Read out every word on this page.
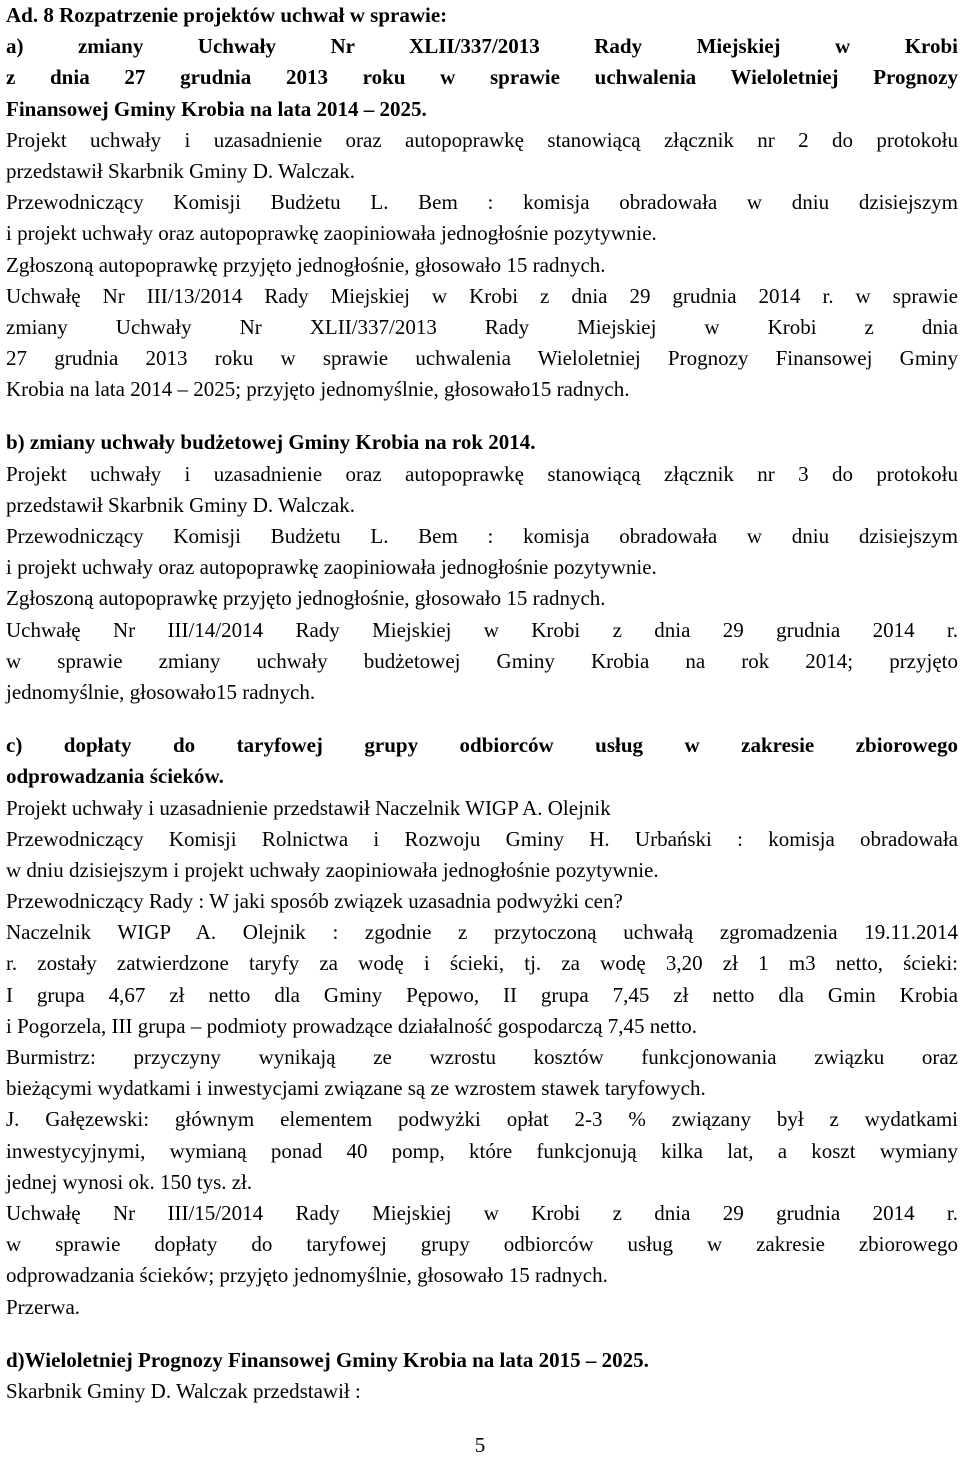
Ad. 8 Rozpatrzenie projektów uchwał w sprawie:
a) zmiany Uchwały Nr XLII/337/2013 Rady Miejskiej w Krobi
z dnia 27 grudnia 2013 roku w sprawie uchwalenia Wieloletniej Prognozy
Finansowej Gminy Krobia na lata 2014 – 2025.
Projekt uchwały i uzasadnienie oraz autopoprawkę stanowiącą złącznik nr 2 do protokołu
przedstawił Skarbnik Gminy D. Walczak.
Przewodniczący Komisji Budżetu L. Bem : komisja obradowała w dniu dzisiejszym
i projekt uchwały oraz autopoprawkę zaopiniowała jednogłośnie pozytywnie.
Zgłoszoną autopoprawkę przyjęto jednogłośnie, głosowało 15 radnych.
Uchwałę Nr III/13/2014 Rady Miejskiej w Krobi z dnia 29 grudnia 2014 r. w sprawie
zmiany Uchwały Nr XLII/337/2013 Rady Miejskiej w Krobi z dnia
27 grudnia 2013 roku w sprawie uchwalenia Wieloletniej Prognozy Finansowej Gminy
Krobia na lata 2014 – 2025; przyjęto jednomyślnie, głosowało15 radnych.
b) zmiany uchwały budżetowej Gminy Krobia na rok 2014.
Projekt uchwały i uzasadnienie oraz autopoprawkę stanowiącą złącznik nr 3 do protokołu
przedstawił Skarbnik Gminy D. Walczak.
Przewodniczący Komisji Budżetu L. Bem : komisja obradowała w dniu dzisiejszym
i projekt uchwały oraz autopoprawkę zaopiniowała jednogłośnie pozytywnie.
Zgłoszoną autopoprawkę przyjęto jednogłośnie, głosowało 15 radnych.
Uchwałę Nr III/14/2014 Rady Miejskiej w Krobi z dnia 29 grudnia 2014 r.
w sprawie zmiany uchwały budżetowej Gminy Krobia na rok 2014; przyjęto
jednomyślnie, głosowało15 radnych.
c) dopłaty do taryfowej grupy odbiorców usług w zakresie zbiorowego
odprowadzania ścieków.
Projekt uchwały i uzasadnienie przedstawił Naczelnik WIGP A. Olejnik
Przewodniczący Komisji Rolnictwa i Rozwoju Gminy H. Urbański : komisja obradowała
w dniu dzisiejszym i projekt uchwały zaopiniowała jednogłośnie pozytywnie.
Przewodniczący Rady : W jaki sposób związek uzasadnia podwyżki cen?
Naczelnik WIGP A. Olejnik : zgodnie z przytoczoną uchwałą zgromadzenia 19.11.2014
r. zostały zatwierdzone taryfy za wodę i ścieki, tj. za wodę 3,20 zł 1 m3 netto, ścieki:
I grupa 4,67 zł netto dla Gminy Pępowo, II grupa 7,45 zł netto dla Gmin Krobia
i Pogorzela, III grupa – podmioty prowadzące działalność gospodarczą 7,45 netto.
Burmistrz: przyczyny wynikają ze wzrostu kosztów funkcjonowania związku oraz
bieżącymi wydatkami i inwestycjami związane są ze wzrostem stawek taryfowych.
J. Gałęzewski: głównym elementem podwyżki opłat 2-3 % związany był z wydatkami
inwestycyjnymi, wymianą ponad 40 pomp, które funkcjonują kilka lat, a koszt wymiany
jednej wynosi ok. 150 tys. zł.
Uchwałę Nr III/15/2014 Rady Miejskiej w Krobi z dnia 29 grudnia 2014 r.
w sprawie dopłaty do taryfowej grupy odbiorców usług w zakresie zbiorowego
odprowadzania ścieków; przyjęto jednomyślnie, głosowało 15 radnych.
Przerwa.
d)Wieloletniej Prognozy Finansowej Gminy Krobia na lata 2015 – 2025.
Skarbnik Gminy D. Walczak przedstawił :
5
